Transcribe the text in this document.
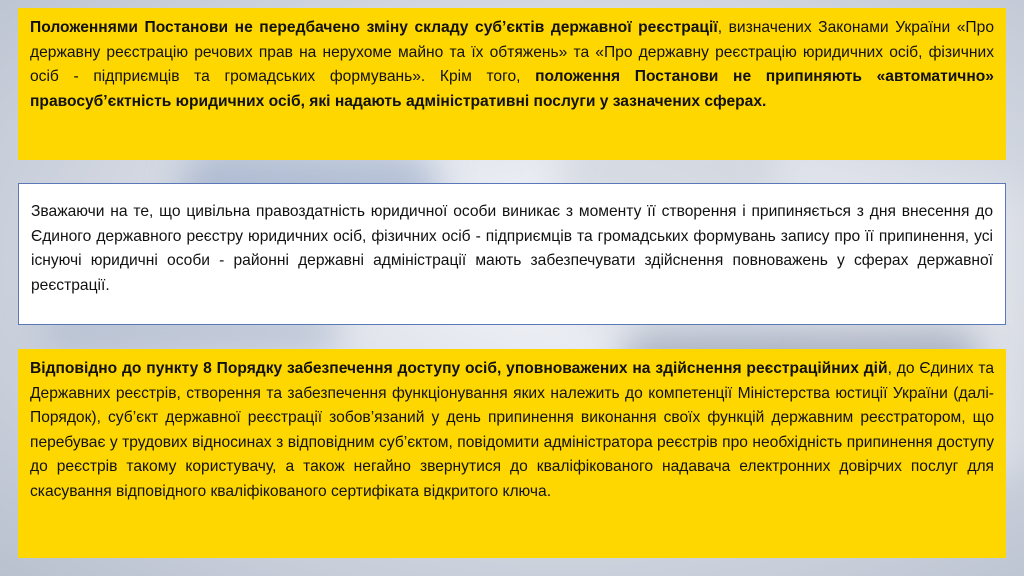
Положеннями Постанови не передбачено зміну складу суб’єктів державної реєстрації, визначених Законами України «Про державну реєстрацію речових прав на нерухоме майно та їх обтяжень» та «Про державну реєстрацію юридичних осіб, фізичних осіб - підприємців та громадських формувань». Крім того, положення Постанови не припиняють «автоматично» правосуб’єктність юридичних осіб, які надають адміністративні послуги у зазначених сферах.
Зважаючи на те, що цивільна правоздатність юридичної особи виникає з моменту її створення і припиняється з дня внесення до Єдиного державного реєстру юридичних осіб, фізичних осіб - підприємців та громадських формувань запису про її припинення, усі існуючі юридичні особи - районні державні адміністрації мають забезпечувати здійснення повноважень у сферах державної реєстрації.
Відповідно до пункту 8 Порядку забезпечення доступу осіб, уповноважених на здійснення реєстраційних дій, до Єдиних та Державних реєстрів, створення та забезпечення функціонування яких належить до компетенції Міністерства юстиції України (далі-Порядок), суб’єкт державної реєстрації зобов’язаний у день припинення виконання своїх функцій державним реєстратором, що перебуває у трудових відносинах з відповідним суб’єктом, повідомити адміністратора реєстрів про необхідність припинення доступу до реєстрів такому користувачу, а також негайно звернутися до кваліфікованого надавача електронних довірчих послуг для скасування відповідного кваліфікованого сертифіката відкритого ключа.
